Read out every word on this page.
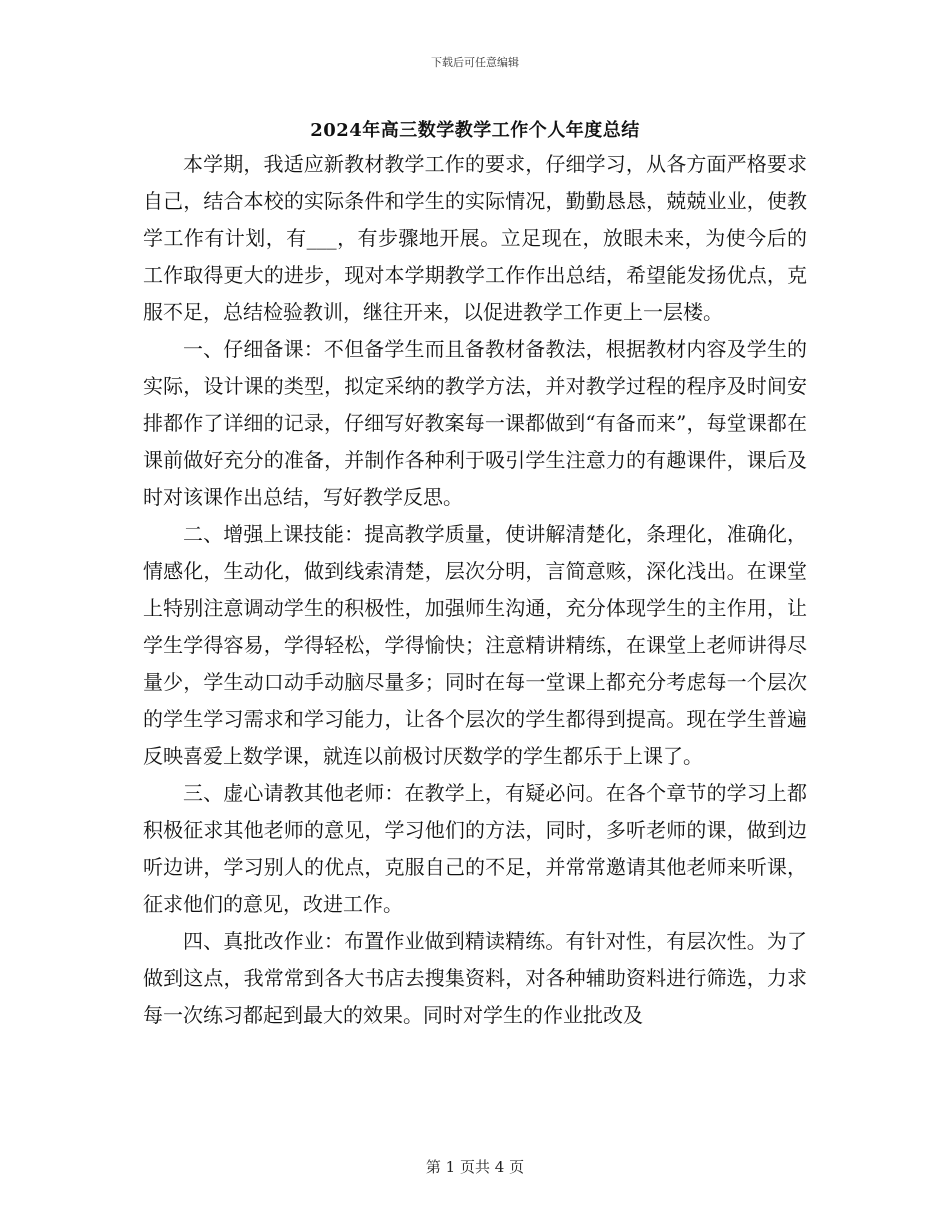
下载后可任意编辑
2024年高三数学教学工作个人年度总结

本学期，我适应新教材教学工作的要求，仔细学习，从各方面严格要求自己，结合本校的实际条件和学生的实际情况，勤勤恳恳，兢兢业业，使教学工作有计划，有___，有步骤地开展。立足现在，放眼未来，为使今后的工作取得更大的进步，现对本学期教学工作作出总结，希望能发扬优点，克服不足，总结检验教训，继往开来，以促进教学工作更上一层楼。

一、仔细备课：不但备学生而且备教材备教法，根据教材内容及学生的实际，设计课的类型，拟定采纳的教学方法，并对教学过程的程序及时间安排都作了详细的记录，仔细写好教案每一课都做到“有备而来”，每堂课都在课前做好充分的准备，并制作各种利于吸引学生注意力的有趣课件，课后及时对该课作出总结，写好教学反思。

二、增强上课技能：提高教学质量，使讲解清楚化，条理化，准确化，情感化，生动化，做到线索清楚，层次分明，言简意赅，深化浅出。在课堂上特别注意调动学生的积极性，加强师生沟通，充分体现学生的主作用，让学生学得容易，学得轻松，学得愉快；注意精讲精练，在课堂上老师讲得尽量少，学生动口动手动脑尽量多；同时在每一堂课上都充分考虑每一个层次的学生学习需求和学习能力，让各个层次的学生都得到提高。现在学生普遍反映喜爱上数学课，就连以前极讨厌数学的学生都乐于上课了。

三、虚心请教其他老师：在教学上，有疑必问。在各个章节的学习上都积极征求其他老师的意见，学习他们的方法，同时，多听老师的课，做到边听边讲，学习别人的优点，克服自己的不足，并常常邀请其他老师来听课，征求他们的意见，改进工作。

四、真批改作业：布置作业做到精读精练。有针对性，有层次性。为了做到这点，我常常到各大书店去搜集资料，对各种辅助资料进行筛选，力求每一次练习都起到最大的效果。同时对学生的作业批改及

第 1 页共 4 页
